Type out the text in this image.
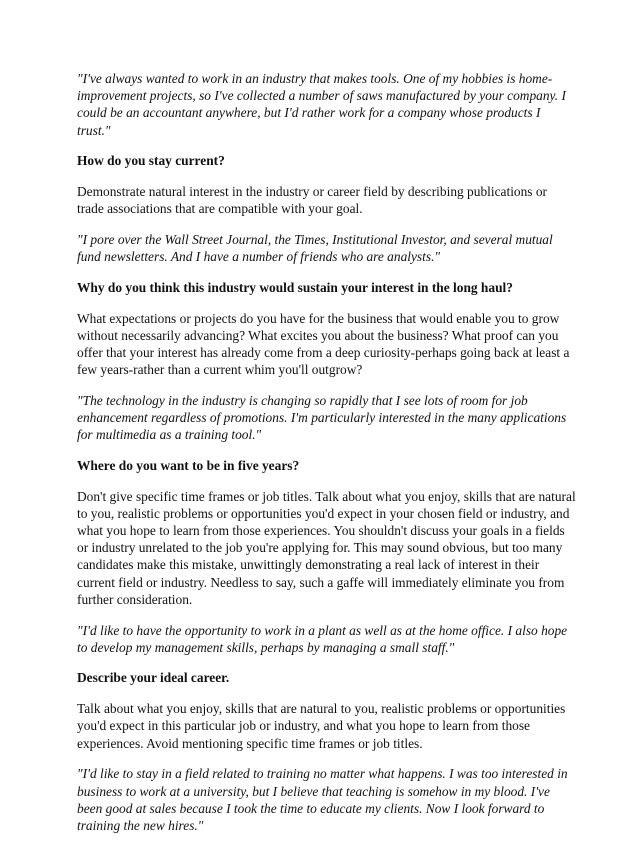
"I've always wanted to work in an industry that makes tools. One of my hobbies is home-improvement projects, so I've collected a number of saws manufactured by your company. I could be an accountant anywhere, but I'd rather work for a company whose products I trust."

How do you stay current?

Demonstrate natural interest in the industry or career field by describing publications or trade associations that are compatible with your goal.

"I pore over the Wall Street Journal, the Times, Institutional Investor, and several mutual fund newsletters. And I have a number of friends who are analysts."

Why do you think this industry would sustain your interest in the long haul?

What expectations or projects do you have for the business that would enable you to grow without necessarily advancing? What excites you about the business? What proof can you offer that your interest has already come from a deep curiosity-perhaps going back at least a few years-rather than a current whim you'll outgrow?

"The technology in the industry is changing so rapidly that I see lots of room for job enhancement regardless of promotions. I'm particularly interested in the many applications for multimedia as a training tool."

Where do you want to be in five years?

Don't give specific time frames or job titles. Talk about what you enjoy, skills that are natural to you, realistic problems or opportunities you'd expect in your chosen field or industry, and what you hope to learn from those experiences. You shouldn't discuss your goals in a fields or industry unrelated to the job you're applying for. This may sound obvious, but too many candidates make this mistake, unwittingly demonstrating a real lack of interest in their current field or industry. Needless to say, such a gaffe will immediately eliminate you from further consideration.

"I'd like to have the opportunity to work in a plant as well as at the home office. I also hope to develop my management skills, perhaps by managing a small staff."

Describe your ideal career.

Talk about what you enjoy, skills that are natural to you, realistic problems or opportunities you'd expect in this particular job or industry, and what you hope to learn from those experiences. Avoid mentioning specific time frames or job titles.

"I'd like to stay in a field related to training no matter what happens. I was too interested in business to work at a university, but I believe that teaching is somehow in my blood. I've been good at sales because I took the time to educate my clients. Now I look forward to training the new hires."
